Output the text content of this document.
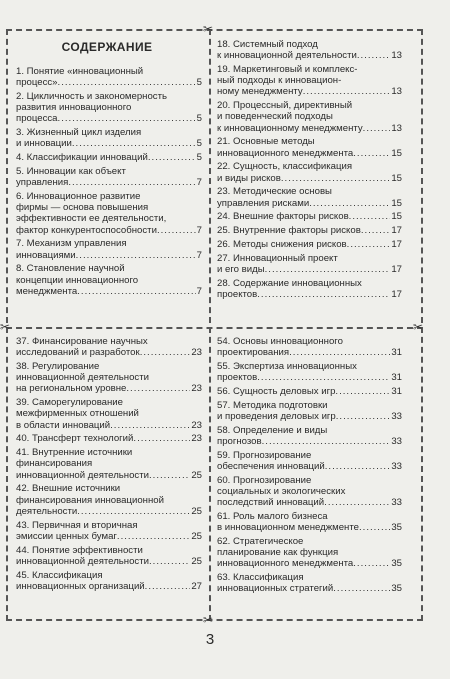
✂
✂
✂
✂
СОДЕРЖАНИЕ
1. Понятие «инновационный
процесс» .....	5
2. Цикличность и закономерность
развития инновационного
процесса .....	5
3. Жизненный цикл изделия
и инновации .....	5
4. Классификации инноваций .....	5
5. Инновации как объект
управления .....	7
6. Инновационное развитие
фирмы — основа повышения
эффективности ее деятельности,
фактор конкурентоспособности .....	7
7. Механизм управления
инновациями .....	7
8. Становление научной
концепции инновационного
менеджмента .....	7
18. Системный подход
к инновационной деятельности .....	13
19. Маркетинговый и комплекс-
ный подходы к инновацион-
ному менеджменту .....	13
20. Процессный, директивный
и поведенческий подходы
к инновационному менеджменту .....	13
21. Основные методы
инновационного менеджмента .....	15
22. Сущность, классификация
и виды рисков .....	15
23. Методические основы
управления рисками .....	15
24. Внешние факторы рисков .....	15
25. Внутренние факторы рисков .....	17
26. Методы снижения рисков .....	17
27. Инновационный проект
и его виды .....	17
28. Содержание инновационных
проектов .....	17
37. Финансирование научных
исследований и разработок .....	23
38. Регулирование
инновационной деятельности
на региональном уровне .....	23
39. Саморегулирование
межфирменных отношений
в области инноваций .....	23
40. Трансферт технологий .....	23
41. Внутренние источники
финансирования
инновационной деятельности .....	25
42. Внешние источники
финансирования инновационной
деятельности .....	25
43. Первичная и вторичная
эмиссии ценных бумаг .....	25
44. Понятие эффективности
инновационной деятельности .....	25
45. Классификация
инновационных организаций .....	27
54. Основы инновационного
проектирования .....	31
55. Экспертиза инновационных
проектов .....	31
56. Сущность деловых игр .....	31
57. Методика подготовки
и проведения деловых игр .....	33
58. Определение и виды
прогнозов .....	33
59. Прогнозирование
обеспечения инноваций .....	33
60. Прогнозирование
социальных и экологических
последствий инноваций .....	33
61. Роль малого бизнеса
в инновационном менеджменте .....	35
62. Стратегическое
планирование как функция
инновационного менеджмента .....	35
63. Классификация
инновационных стратегий .....	35
3
